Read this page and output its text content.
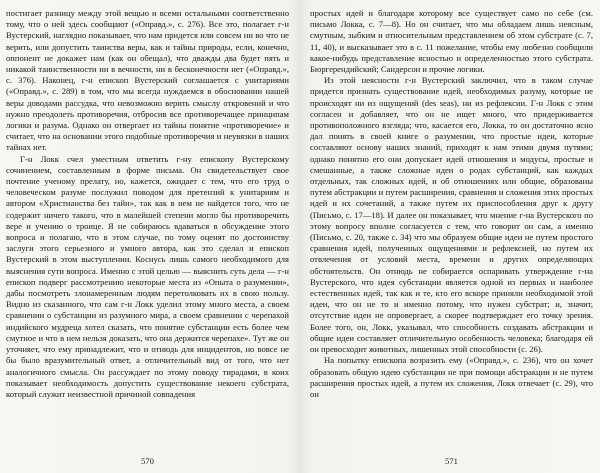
постигает разницу между этой вещью и всеми остальными соответственно тому, что о ней здесь сообщают («Оправд.», с. 276). Все это, полагает г-н Вустерский, наглядно показывает, что нам придется или совсем ни во что не верить, или допустить таинства веры, как и тайны природы, если, конечно, оппонент не докажет нам (как он обещал), что дважды два будет пять и никакой таинственности ни в вечности, ни в бесконечности нет («Оправд.», с. 376). Наконец, г-н епископ Вустерский соглашается с унитариями («Оправд.», с. 289) в том, что мы всегда нуждаемся в обосновании нашей веры доводами рассудка, что невозможно верить смыслу откровений и что нужно преодолеть противоречия, отбросив все противоречащее принципам логики и разума. Однако он отвергает из тайны понятие «противоречие» и считает, что на основании этого подобные противоречия и неувязки в наших тайнах нет.

Г-н Локк счел уместным ответить г-ну епископу Вустерскому сочинением, составленным в форме письма. Он свидетельствует свое почтение ученому прелату, но, кажется, ожидает с тем, что его труд о человеческом разуме послужил поводом для претензий к унитариям и автором «Христианства без тайн», так как в нем не найдется того, что не содержит ничего такого, что в малейшей степени могло бы противоречить вере и учению о троице. Я не собираюсь вдаваться в обсуждение этого вопроса и полагаю, что в этом случае, по тому оценят по достоинству заслуги этого серьезного и умного автора, как это сделал и епископ Вустерский в этом выступлении. Коснусь лишь самого необходимого для выяснения сути вопроса. Именно с этой целью — выяснить суть дела — г-н епископ подверг рассмотрению некоторые места из «Опыта о разумении», дабы посмотреть злонамеренным людям перетолковать их в свою пользу. Видно из сказанного, что сам г-н Локк уделил этому много места, а своем сравнении о субстанции из разумного мира, а своем сравнении с черепахой индийского мудреца хотел сказать, что понятие субстанции есть более чем смутное и что в нем нельзя доказать, что она держится черепахе». Тут же он уточняет, что ему принадлежит, что и отнюдь для инцидентов, но вовсе не бы было вразумительный ответ, а отличительный вид от того, что нет аналогичного смысла. Он рассуждает по этому поводу тирадами, в коих показывает необходимость допустить существование некоего субстрата, который служит неизвестной причиной совпадения

570

простых идей и благодаря которому все существует само по себе (см. письмо Локка, с. 7—8). Но он считает, что мы обладаем лишь неясным, смутным, зыбким и относительным представлением об этом субстрате (с. 7, 11, 40), и высказывает это в с. 11 пожелание, чтобы ему любезно сообщили какое-нибудь представление ясностью и определенностью этого субстрата. Бюргерендийский; Сандерсон и прочие логики.

Из этой неясности г-н Вустерский заключил, что в таком случае придется признать существование идей, необходимых разуму, которые не происходят ни из ощущений (des seas), ни из рефлексии. Г-н Локк с этим согласен и добавляет, что он не ищет много, что придерживается противоположного взгляда; что, касается его, Локка, то он достаточно ясно дал понять в своей книге о разумении, что простые идеи, которые составляют основу наших знаний, приходят к нам этими двумя путями; однако понятно его они допускает идей отношения и модусы, простые и смешанные, а также сложные идеи о родах субстанций, как каждых отдельных, так сложных идей, и об отношениях или общие, образованы путем абстракции и путем расширения, сравнения и сложения этих простых идей и их сочетаний, а также путем их приспособления друг к другу (Письмо, с. 17—18). И далее он показывает, что мнение г-на Вустерского по этому вопросу вполне согласуется с тем, что говорит он сам, а именно (Письмо, с. 20, также с. 34) что мы образуем общие идеи не путем простого сравнения идей, полученных ощущениями и рефлексией, но путем их отвлечения от условий места, времени и других определяющих обстоятельств. Он отнюдь не собирается оспаривать утверждение г-на Вустерского, что идея субстанции является одной из первых и наиболее естественных идей, так как и те, кто его вскоре приняли необходимой этой идеи, что он не то и именно потому, что нужен субстрат; и, значит, отсутствие идеи не опровергает, а скорее подтверждает его точку зрения. Более того, он, Локк, указывал, что способность создавать абстракции и общие идеи составляет отличительную особенность человека; благодаря ей он превосходит животных, лишенных этой способности (с. 26).

На попытку епископа возразить ему («Оправд.», с. 236), что он хочет образовать общую идею субстанции не при помощи абстракции и не путем расширения простых идей, а путем их сложения, Локк отвечает (с. 29), что он

571
